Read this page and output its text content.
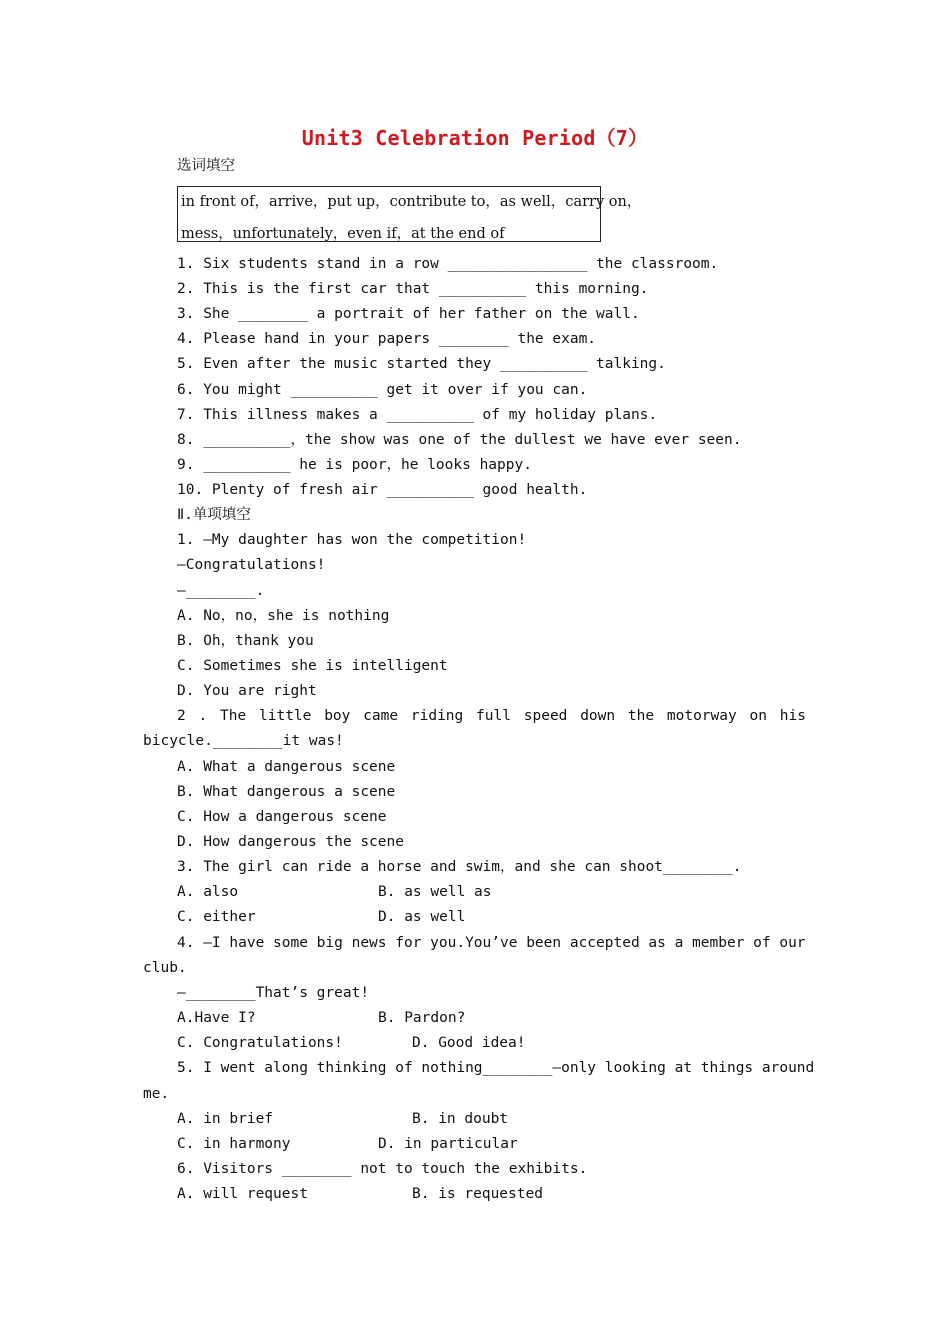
Unit3 Celebration Period（7）
选词填空
in front of，arrive，put up，contribute to，as well，carry on，
mess，unfortunately，even if，at the end of
1. Six students stand in a row ________________ the classroom.
2. This is the first car that __________ this morning.
3. She ________ a portrait of her father on the wall.
4. Please hand in your papers ________ the exam.
5. Even after the music started they __________ talking.
6. You might __________ get it over if you can.
7. This illness makes a __________ of my holiday plans.
8. __________，the show was one of the dullest we have ever seen.
9. __________ he is poor，he looks happy.
10. Plenty of fresh air __________ good health.
Ⅱ.单项填空
1. —My daughter has won the competition!
—Congratulations!
—________.
A. No，no，she is nothing
B. Oh，thank you
C. Sometimes she is intelligent
D. You are right
2 . The little boy came riding full speed down the motorway on his
bicycle.________it was!
A. What a dangerous scene
B. What dangerous a scene
C. How a dangerous scene
D. How dangerous the scene
3. The girl can ride a horse and swim，and she can shoot________.
A. also	B. as well as
C. either	D. as well
4. —I have some big news for you.You’ve been accepted as a member of our
club.
—________That’s great!
A.Have I?	B. Pardon?
C. Congratulations!	D. Good idea!
5. I went along thinking of nothing________—only looking at things around
me.
A. in brief	B. in doubt
C. in harmony	D. in particular
6. Visitors ________ not to touch the exhibits.
A. will request	B. is requested
